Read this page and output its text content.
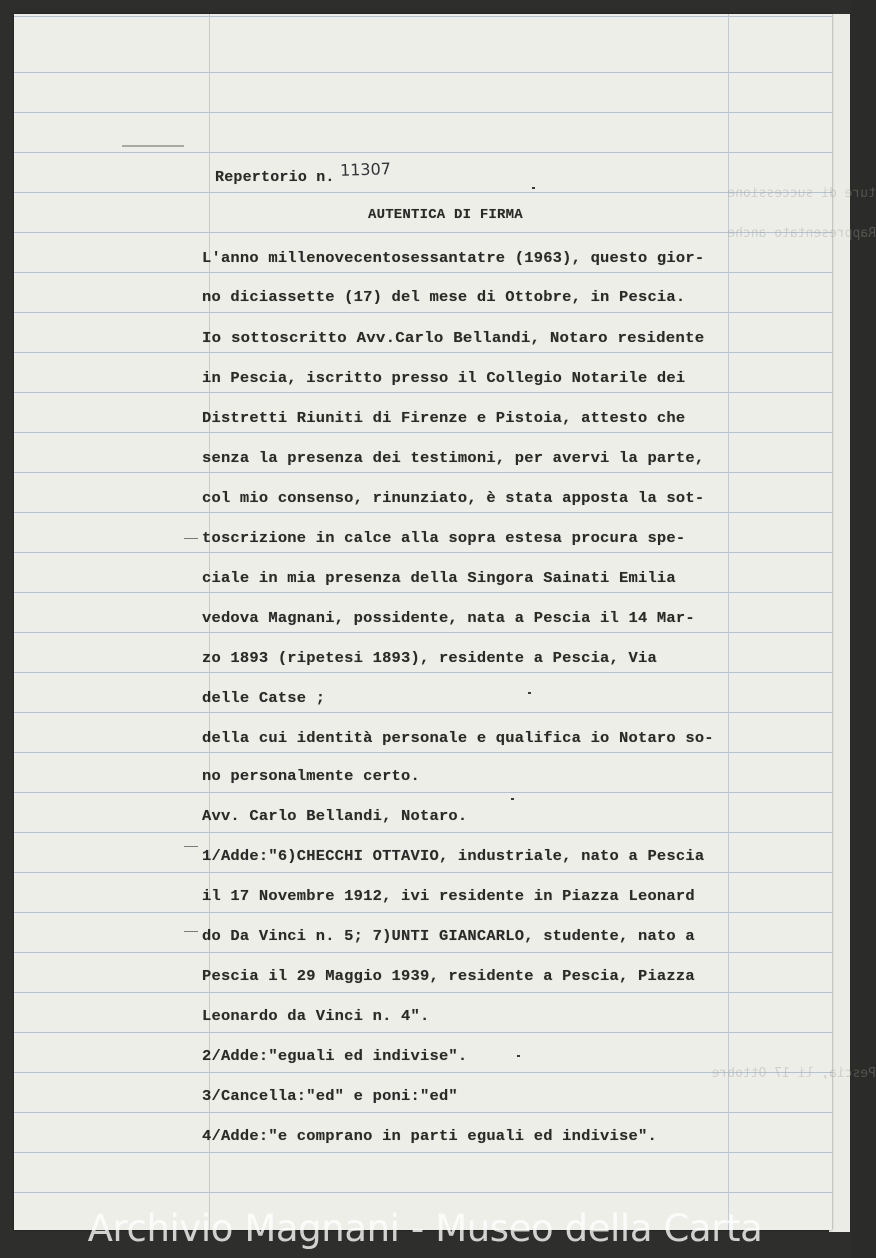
ture di successione
Rappresentato anche

Pescia, li 17 Ottobre
Repertorio n. 11307
AUTENTICA DI FIRMA
L'anno millenovecentosessantatre (1963), questo gior-
no diciassette (17) del mese di Ottobre, in Pescia.
Io sottoscritto Avv.Carlo Bellandi, Notaro residente
in Pescia, iscritto presso il Collegio Notarile dei
Distretti Riuniti di Firenze e Pistoia, attesto che
senza la presenza dei testimoni, per avervi la parte,
col mio consenso, rinunziato, è stata apposta la sot-
toscrizione in calce alla sopra estesa procura spe-
ciale in mia presenza della Singora Sainati Emilia
vedova Magnani, possidente, nata a Pescia il 14 Mar-
zo 1893 (ripetesi 1893), residente a Pescia, Via
delle Catse ;
della cui identità personale e qualifica io Notaro so-
no personalmente certo.
Avv. Carlo Bellandi, Notaro.
1/Adde:"6)CHECCHI OTTAVIO, industriale, nato a Pescia
il 17 Novembre 1912, ivi residente in Piazza Leonard
do Da Vinci n. 5; 7)UNTI GIANCARLO, studente, nato a
Pescia il 29 Maggio 1939, residente a Pescia, Piazza
Leonardo da Vinci n. 4".
2/Adde:"eguali ed indivise".
3/Cancella:"ed" e poni:"ed"
4/Adde:"e comprano in parti eguali ed indivise".
Archivio Magnani - Museo della Carta
